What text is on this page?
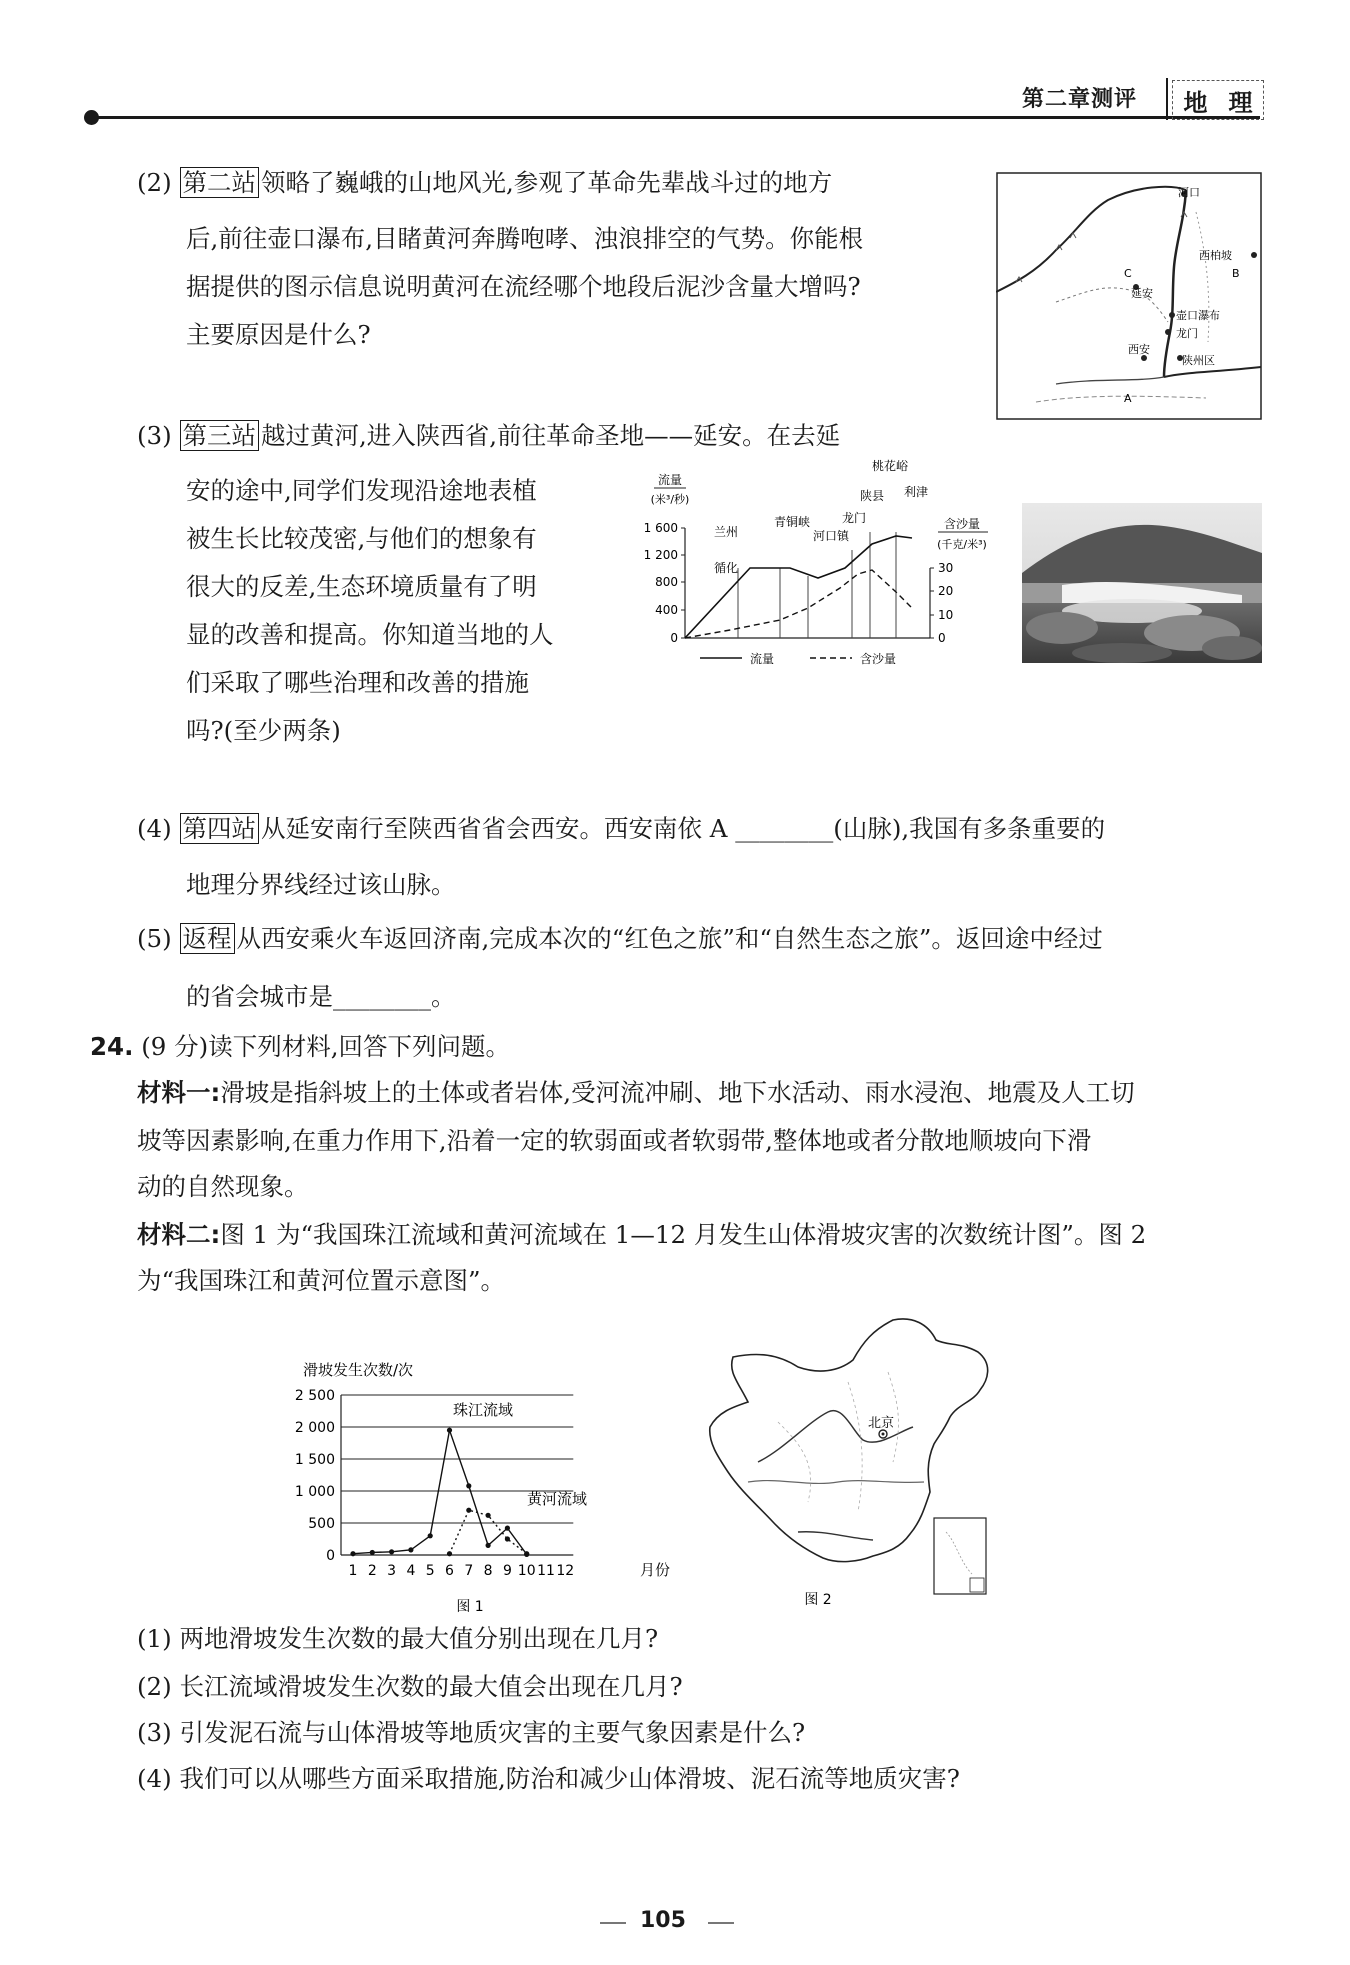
第二章测评 地 理
(2) 第二站 领略了巍峨的山地风光,参观了革命先辈战斗过的地方
后,前往壶口瀑布,目睹黄河奔腾咆哮、浊浪排空的气势。你能根
据提供的图示信息说明黄河在流经哪个地段后泥沙含量大增吗?
主要原因是什么?
河口
西柏坡
B
C
延安
壶口瀑布
龙门
西安
陕州区
A
(3) 第三站 越过黄河,进入陕西省,前往革命圣地——延安。在去延
安的途中,同学们发现沿途地表植
被生长比较茂密,与他们的想象有
很大的反差,生态环境质量有了明
显的改善和提高。你知道当地的人
们采取了哪些治理和改善的措施
吗?(至少两条)
流量
(米³/秒)
1 600
1 200
800
400
0
含沙量
(千克/米³)
30
20
10
0
兰州
循化
青铜峡
河口镇
龙门
陕县
桃花峪
利津
流量	含沙量
(4) 第四站 从延安南行至陕西省省会西安。西安南依 A ________(山脉),我国有多条重要的
地理分界线经过该山脉。
(5) 返程 从西安乘火车返回济南,完成本次的“红色之旅”和“自然生态之旅”。返回途中经过
的省会城市是________。
24. (9 分)读下列材料,回答下列问题。
材料一:滑坡是指斜坡上的土体或者岩体,受河流冲刷、地下水活动、雨水浸泡、地震及人工切
坡等因素影响,在重力作用下,沿着一定的软弱面或者软弱带,整体地或者分散地顺坡向下滑
动的自然现象。
材料二:图 1 为“我国珠江流域和黄河流域在 1—12 月发生山体滑坡灾害的次数统计图”。图 2
为“我国珠江和黄河位置示意图”。
滑坡发生次数/次
2 500
2 000
1 500
1 000
500
0
1 2 3 4 5 6 7 8 9 10 11 12	月份
珠江流域
黄河流域
图 1
北京
图 2
(1) 两地滑坡发生次数的最大值分别出现在几月?
(2) 长江流域滑坡发生次数的最大值会出现在几月?
(3) 引发泥石流与山体滑坡等地质灾害的主要气象因素是什么?
(4) 我们可以从哪些方面采取措施,防治和减少山体滑坡、泥石流等地质灾害?
105
